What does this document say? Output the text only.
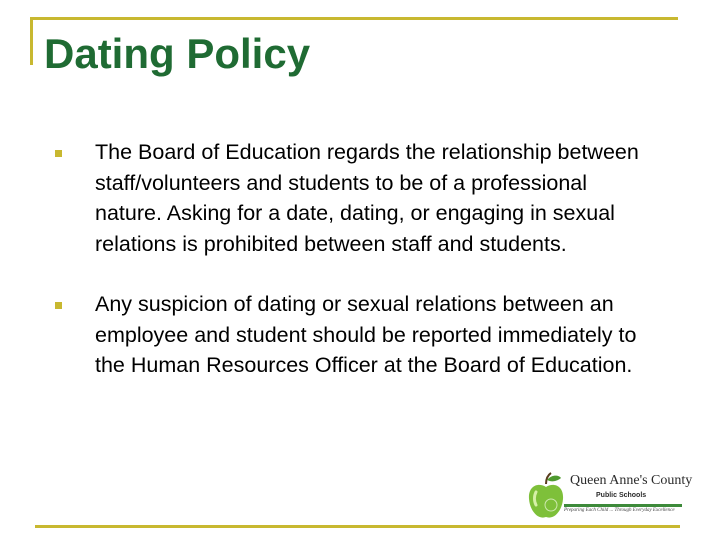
Dating Policy
The Board of Education regards the relationship between staff/volunteers and students to be of a professional nature. Asking for a date, dating, or engaging in sexual relations is prohibited between staff and students.
Any suspicion of dating or sexual relations between an employee and student should be reported immediately to the Human Resources Officer at the Board of Education.
Queen Anne's County
Public Schools
Preparing Each Child ... Through Everyday Excellence
